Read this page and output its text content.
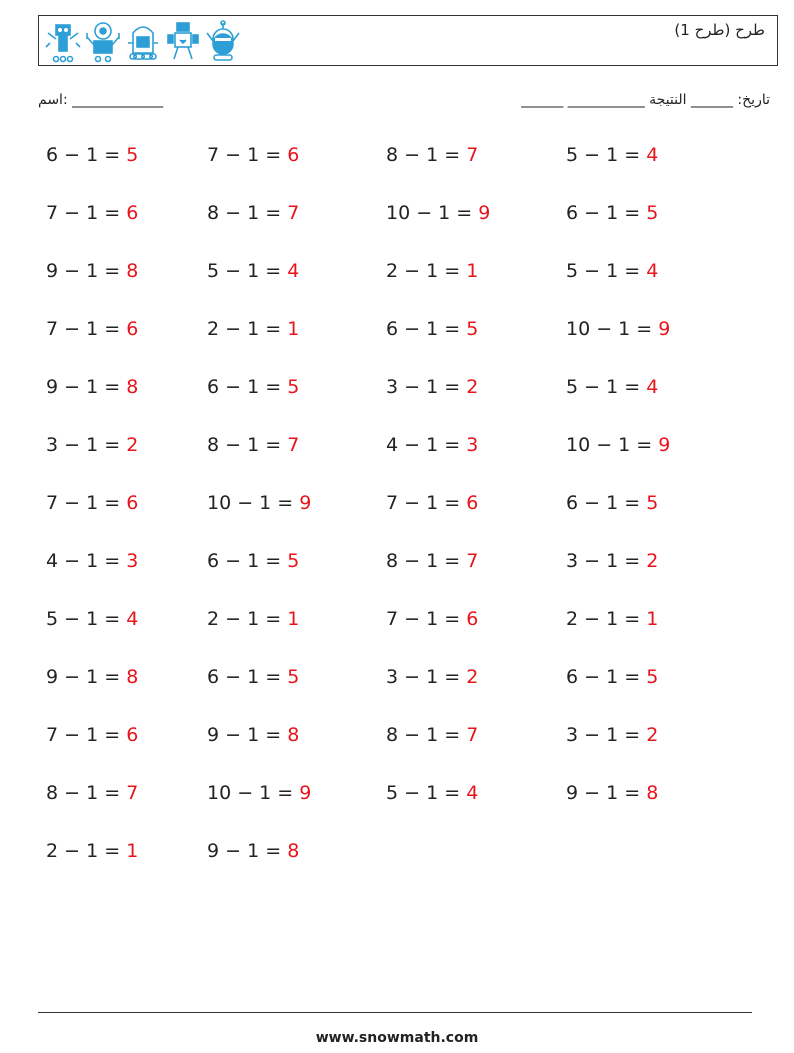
طرح (طرح 1)
اسم: _____________	تاريخ: ______ النتيجة ___________ ______
6 − 1 = 5	7 − 1 = 6	8 − 1 = 7	5 − 1 = 4
7 − 1 = 6	8 − 1 = 7	10 − 1 = 9	6 − 1 = 5
9 − 1 = 8	5 − 1 = 4	2 − 1 = 1	5 − 1 = 4
7 − 1 = 6	2 − 1 = 1	6 − 1 = 5	10 − 1 = 9
9 − 1 = 8	6 − 1 = 5	3 − 1 = 2	5 − 1 = 4
3 − 1 = 2	8 − 1 = 7	4 − 1 = 3	10 − 1 = 9
7 − 1 = 6	10 − 1 = 9	7 − 1 = 6	6 − 1 = 5
4 − 1 = 3	6 − 1 = 5	8 − 1 = 7	3 − 1 = 2
5 − 1 = 4	2 − 1 = 1	7 − 1 = 6	2 − 1 = 1
9 − 1 = 8	6 − 1 = 5	3 − 1 = 2	6 − 1 = 5
7 − 1 = 6	9 − 1 = 8	8 − 1 = 7	3 − 1 = 2
8 − 1 = 7	10 − 1 = 9	5 − 1 = 4	9 − 1 = 8
2 − 1 = 1	9 − 1 = 8
www.snowmath.com
